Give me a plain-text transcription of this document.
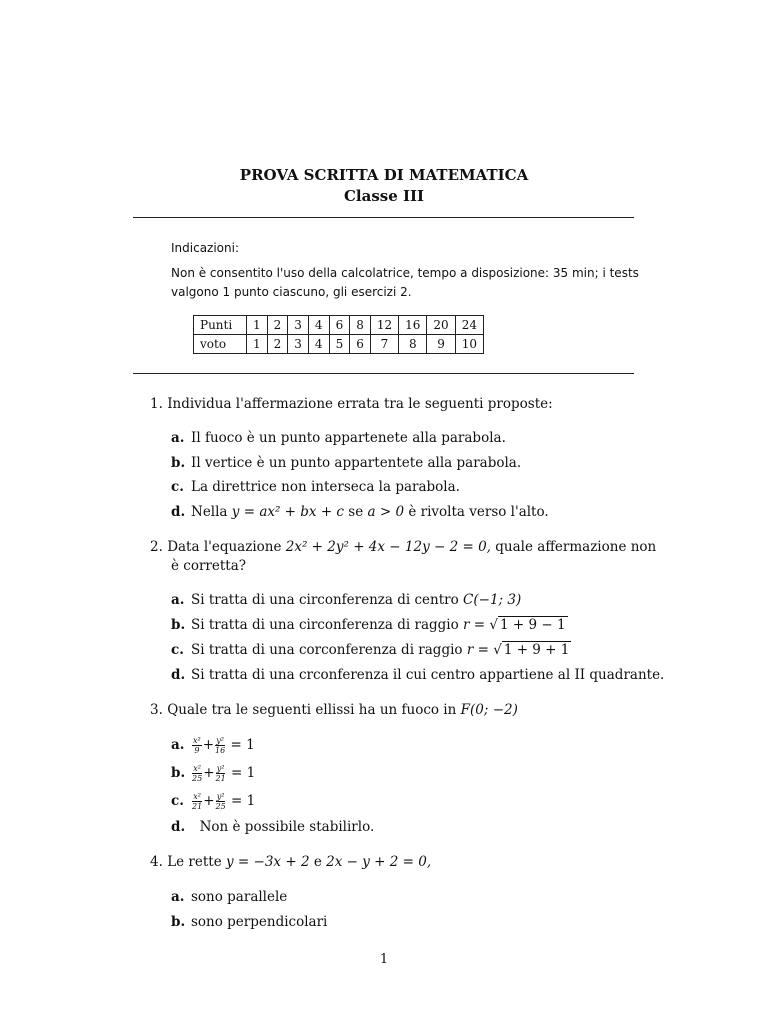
PROVA SCRITTA DI MATEMATICA
Classe III
Indicazioni:
Non è consentito l'uso della calcolatrice, tempo a disposizione: 35 min; i tests
valgono 1 punto ciascuno, gli esercizi 2.
Punti	1	2	3	4	6	8	12	16	20	24
voto	1	2	3	4	5	6	7	8	9	10
1. Individua l'affermazione errata tra le seguenti proposte:
a. Il fuoco è un punto appartenete alla parabola.
b. Il vertice è un punto appartentete alla parabola.
c. La direttrice non interseca la parabola.
d. Nella y = ax² + bx + c se a > 0 è rivolta verso l'alto.
2. Data l'equazione 2x² + 2y² + 4x − 12y − 2 = 0, quale affermazione non
è corretta?
a. Si tratta di una circonferenza di centro C(−1; 3)
b. Si tratta di una circonferenza di raggio r = √ 1 + 9 − 1
c. Si tratta di una corconferenza di raggio r = √ 1 + 9 + 1
d. Si tratta di una crconferenza il cui centro appartiene al II quadrante.
3. Quale tra le seguenti ellissi ha un fuoco in F(0; −2)
a. $\frac{\text{x²}}{9} + \frac{\text{y²}}{16} = 1$
b. $\frac{\text{x²}}{25} + \frac{\text{y²}}{21} = 1$
c. $\frac{\text{x²}}{21} + \frac{\text{y²}}{25} = 1$
d. Non è possibile stabilirlo.
4. Le rette y = −3x + 2 e 2x − y + 2 = 0,
a. sono parallele
b. sono perpendicolari
1
